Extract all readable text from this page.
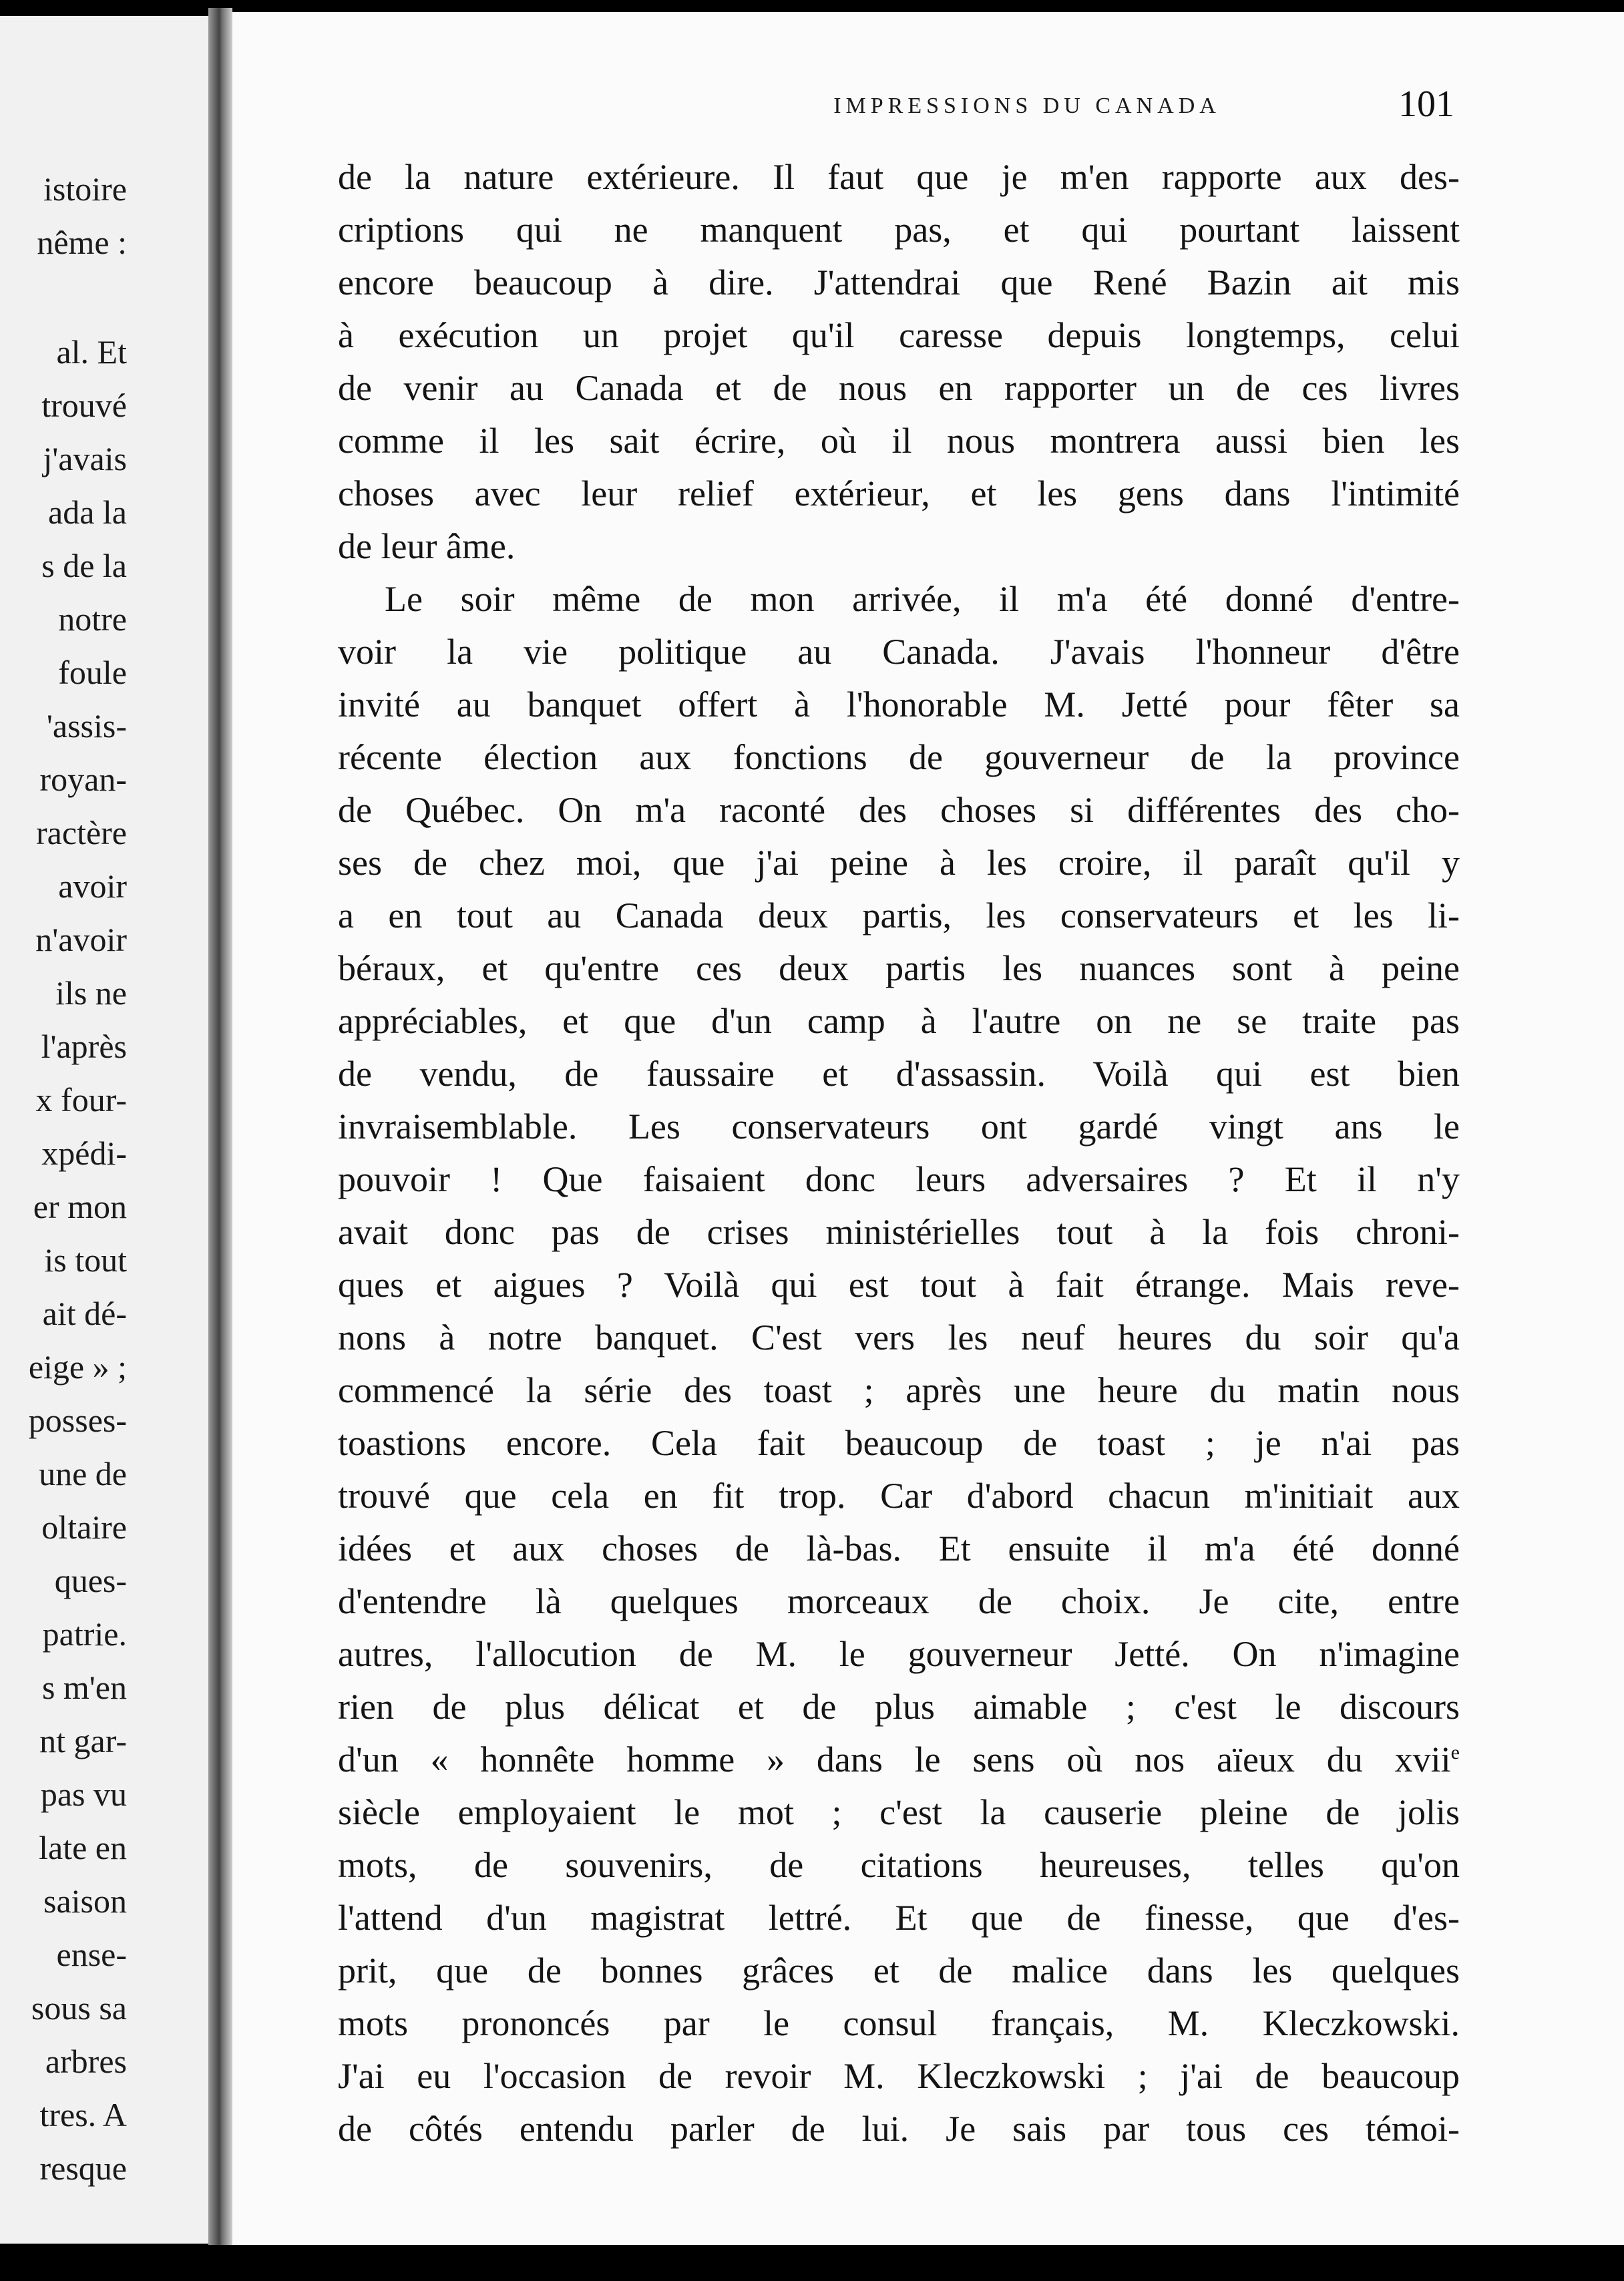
istoire
nême :
al. Et
trouvé
j'avais
ada la
s de la
notre
foule
'assis-
royan-
ractère
avoir
n'avoir
ils ne
l'après
x four-
xpédi-
er mon
is tout
ait dé-
eige » ;
posses-
une de
oltaire
ques-
patrie.
s m'en
nt gar-
pas vu
late en
saison
ense-
sous sa
arbres
tres. A
resque
IMPRESSIONS DU CANADA	101
de la nature extérieure. Il faut que je m'en rapporte aux des-
criptions qui ne manquent pas, et qui pourtant laissent
encore beaucoup à dire. J'attendrai que René Bazin ait mis
à exécution un projet qu'il caresse depuis longtemps, celui
de venir au Canada et de nous en rapporter un de ces livres
comme il les sait écrire, où il nous montrera aussi bien les
choses avec leur relief extérieur, et les gens dans l'intimité
de leur âme.
Le soir même de mon arrivée, il m'a été donné d'entre-
voir la vie politique au Canada. J'avais l'honneur d'être
invité au banquet offert à l'honorable M. Jetté pour fêter sa
récente élection aux fonctions de gouverneur de la province
de Québec. On m'a raconté des choses si différentes des cho-
ses de chez moi, que j'ai peine à les croire, il paraît qu'il y
a en tout au Canada deux partis, les conservateurs et les li-
béraux, et qu'entre ces deux partis les nuances sont à peine
appréciables, et que d'un camp à l'autre on ne se traite pas
de vendu, de faussaire et d'assassin. Voilà qui est bien
invraisemblable. Les conservateurs ont gardé vingt ans le
pouvoir ! Que faisaient donc leurs adversaires ? Et il n'y
avait donc pas de crises ministérielles tout à la fois chroni-
ques et aigues ? Voilà qui est tout à fait étrange. Mais reve-
nons à notre banquet. C'est vers les neuf heures du soir qu'a
commencé la série des toast ; après une heure du matin nous
toastions encore. Cela fait beaucoup de toast ; je n'ai pas
trouvé que cela en fit trop. Car d'abord chacun m'initiait aux
idées et aux choses de là-bas. Et ensuite il m'a été donné
d'entendre là quelques morceaux de choix. Je cite, entre
autres, l'allocution de M. le gouverneur Jetté. On n'imagine
rien de plus délicat et de plus aimable ; c'est le discours
d'un « honnête homme » dans le sens où nos aïeux du xvii$^e$
siècle employaient le mot ; c'est la causerie pleine de jolis
mots, de souvenirs, de citations heureuses, telles qu'on
l'attend d'un magistrat lettré. Et que de finesse, que d'es-
prit, que de bonnes grâces et de malice dans les quelques
mots prononcés par le consul français, M. Kleczkowski.
J'ai eu l'occasion de revoir M. Kleczkowski ; j'ai de beaucoup
de côtés entendu parler de lui. Je sais par tous ces témoi-
